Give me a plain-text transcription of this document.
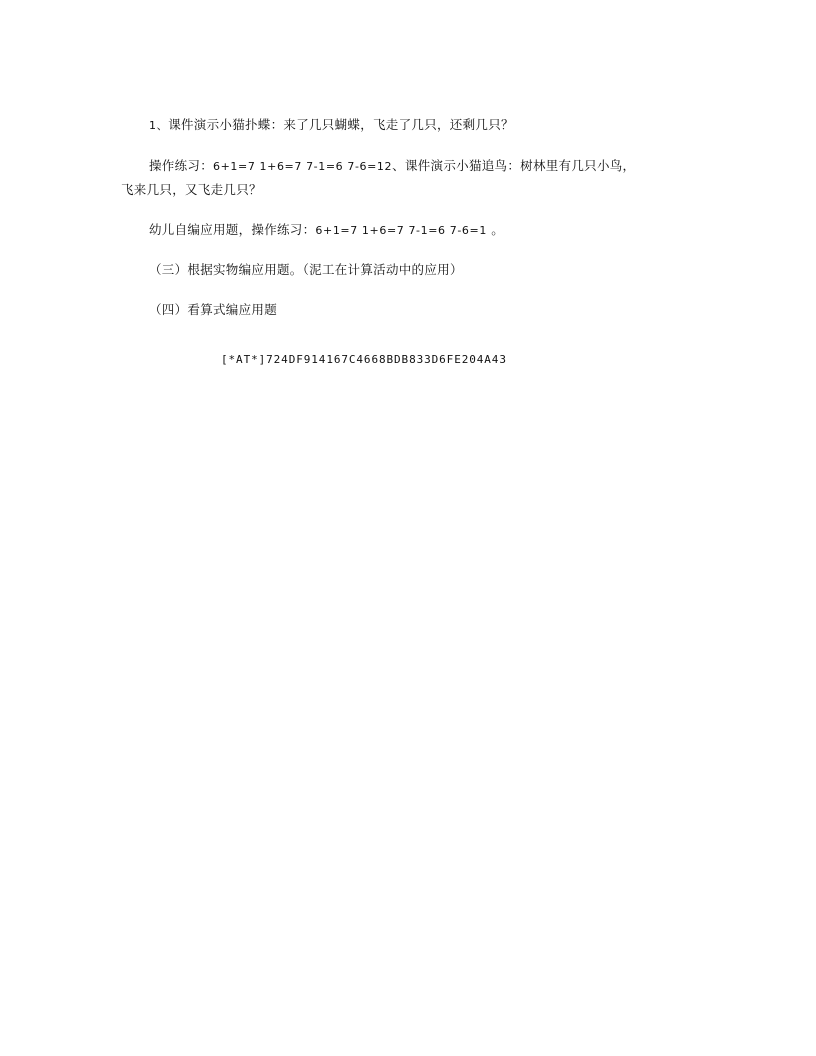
1、课件演示小猫扑蝶：来了几只蝴蝶，飞走了几只，还剩几只？
操作练习：6+1=7 1+6=7 7-1=6 7-6=12、课件演示小猫追鸟：树林里有几只小鸟，
飞来几只，又飞走几只？
幼儿自编应用题，操作练习：6+1=7 1+6=7 7-1=6 7-6=1 。
（三）根据实物编应用题。（泥工在计算活动中的应用）
（四）看算式编应用题
[*AT*]724DF914167C4668BDB833D6FE204A43
